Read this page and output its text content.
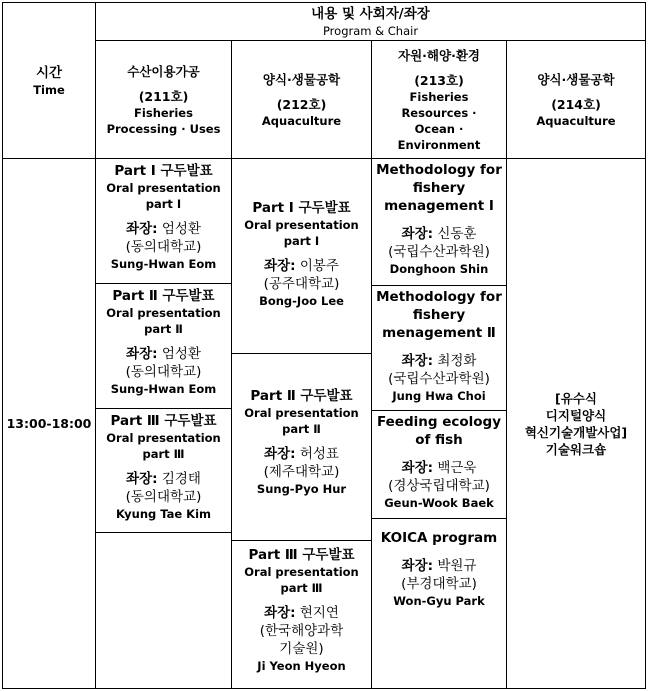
내용 및 사회자/좌장
Program & Chair
시간
Time
수산이용가공
(211호)
Fisheries Processing · Uses
양식·생물공학
(212호)
Aquaculture
자원·해양·환경
(213호)
Fisheries Resources · Ocean · Environment
양식·생물공학
(214호)
Aquaculture
13:00-18:00
Part Ⅰ 구두발표
Oral presentation
part Ⅰ
좌장: 엄성환
(동의대학교)
Sung-Hwan Eom
Part Ⅱ 구두발표
Oral presentation
part Ⅱ
좌장: 엄성환
(동의대학교)
Sung-Hwan Eom
Part Ⅲ 구두발표
Oral presentation
part Ⅲ
좌장: 김경태
(동의대학교)
Kyung Tae Kim
Part Ⅰ 구두발표
Oral presentation
part Ⅰ
좌장: 이봉주
(공주대학교)
Bong-Joo Lee
Part Ⅱ 구두발표
Oral presentation
part Ⅱ
좌장: 허성표
(제주대학교)
Sung-Pyo Hur
Part Ⅲ 구두발표
Oral presentation
part Ⅲ
좌장: 현지연
(한국해양과학
기술원)
Ji Yeon Hyeon
Methodology for
fishery
menagement Ⅰ
좌장: 신동훈
(국립수산과학원)
Donghoon Shin
Methodology for
fishery
menagement Ⅱ
좌장: 최정화
(국립수산과학원)
Jung Hwa Choi
Feeding ecology
of fish
좌장: 백근욱
(경상국립대학교)
Geun-Wook Baek
KOICA program
좌장: 박원규
(부경대학교)
Won-Gyu Park
[유수식
디지털양식
혁신기술개발사업]
기술워크숍
